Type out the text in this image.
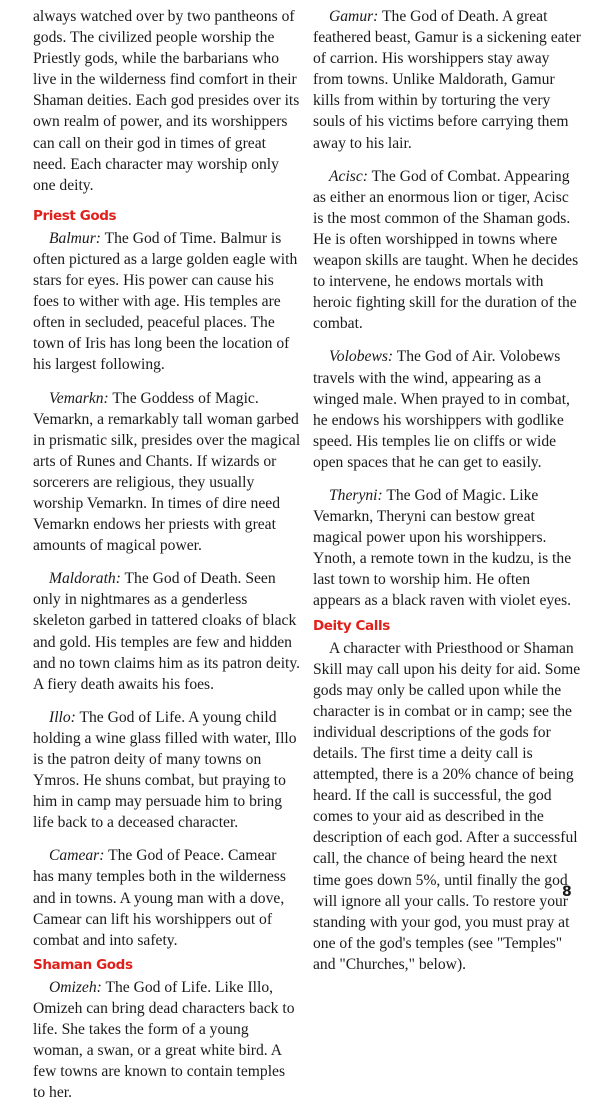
always watched over by two pantheons of gods. The civilized people worship the Priestly gods, while the barbarians who live in the wilderness find comfort in their Shaman deities. Each god presides over its own realm of power, and its worshippers can call on their god in times of great need. Each character may worship only one deity.

Priest Gods

Balmur: The God of Time. Balmur is often pictured as a large golden eagle with stars for eyes. His power can cause his foes to wither with age. His temples are often in secluded, peaceful places. The town of Iris has long been the location of his largest following.

Vemarkn: The Goddess of Magic. Vemarkn, a remarkably tall woman garbed in prismatic silk, presides over the magical arts of Runes and Chants. If wizards or sorcerers are religious, they usually worship Vemarkn. In times of dire need Vemarkn endows her priests with great amounts of magical power.

Maldorath: The God of Death. Seen only in nightmares as a genderless skeleton garbed in tattered cloaks of black and gold. His temples are few and hidden and no town claims him as its patron deity. A fiery death awaits his foes.

Illo: The God of Life. A young child holding a wine glass filled with water, Illo is the patron deity of many towns on Ymros. He shuns combat, but praying to him in camp may persuade him to bring life back to a deceased character.

Camear: The God of Peace. Camear has many temples both in the wilderness and in towns. A young man with a dove, Camear can lift his worshippers out of combat and into safety.

Shaman Gods

Omizeh: The God of Life. Like Illo, Omizeh can bring dead characters back to life. She takes the form of a young woman, a swan, or a great white bird. A few towns are known to contain temples to her.

Gamur: The God of Death. A great feathered beast, Gamur is a sickening eater of carrion. His worshippers stay away from towns. Unlike Maldorath, Gamur kills from within by torturing the very souls of his victims before carrying them away to his lair.

Acisc: The God of Combat. Appearing as either an enormous lion or tiger, Acisc is the most common of the Shaman gods. He is often worshipped in towns where weapon skills are taught. When he decides to intervene, he endows mortals with heroic fighting skill for the duration of the combat.

Volobews: The God of Air. Volobews travels with the wind, appearing as a winged male. When prayed to in combat, he endows his worshippers with godlike speed. His temples lie on cliffs or wide open spaces that he can get to easily.

Theryni: The God of Magic. Like Vemarkn, Theryni can bestow great magical power upon his worshippers. Ynoth, a remote town in the kudzu, is the last town to worship him. He often appears as a black raven with violet eyes.

Deity Calls

A character with Priesthood or Shaman Skill may call upon his deity for aid. Some gods may only be called upon while the character is in combat or in camp; see the individual descriptions of the gods for details. The first time a deity call is attempted, there is a 20% chance of being heard. If the call is successful, the god comes to your aid as described in the description of each god. After a successful call, the chance of being heard the next time goes down 5%, until finally the god will ignore all your calls. To restore your standing with your god, you must pray at one of the god's temples (see "Temples" and "Churches," below).

8
